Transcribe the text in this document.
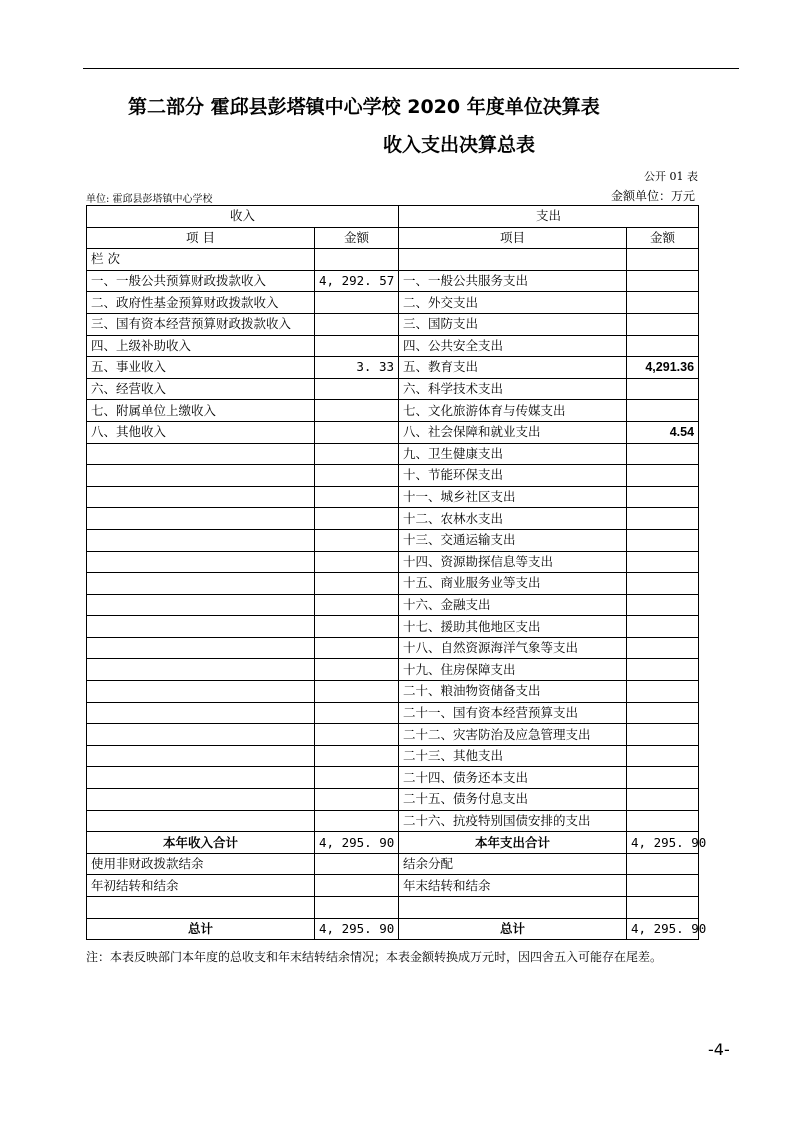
第二部分 霍邱县彭塔镇中心学校 2020 年度单位决算表
收入支出决算总表
公开 01 表
单位: 霍邱县彭塔镇中心学校	金额单位：万元
收入		支出	
项 目	金额	项目	金额
栏 次			
一、一般公共预算财政拨款收入	4, 292. 57	一、一般公共服务支出	
二、政府性基金预算财政拨款收入		二、外交支出	
三、国有资本经营预算财政拨款收入		三、国防支出	
四、上级补助收入		四、公共安全支出	
五、事业收入	3. 33	五、教育支出	4,291.36
六、经营收入		六、科学技术支出	
七、附属单位上缴收入		七、文化旅游体育与传媒支出	
八、其他收入		八、社会保障和就业支出	4.54
		九、卫生健康支出	
		十、节能环保支出	
		十一、城乡社区支出	
		十二、农林水支出	
		十三、交通运输支出	
		十四、资源勘探信息等支出	
		十五、商业服务业等支出	
		十六、金融支出	
		十七、援助其他地区支出	
		十八、自然资源海洋气象等支出	
		十九、住房保障支出	
		二十、粮油物资储备支出	
		二十一、国有资本经营预算支出	
		二十二、灾害防治及应急管理支出	
		二十三、其他支出	
		二十四、债务还本支出	
		二十五、债务付息支出	
		二十六、抗疫特别国债安排的支出	
本年收入合计	4, 295. 90	本年支出合计	4, 295. 90
使用非财政拨款结余		结余分配	
年初结转和结余		年末结转和结余	

总计	4, 295. 90	总计	4, 295. 90
注：本表反映部门本年度的总收支和年末结转结余情况；本表金额转换成万元时，因四舍五入可能存在尾差。
-4-
